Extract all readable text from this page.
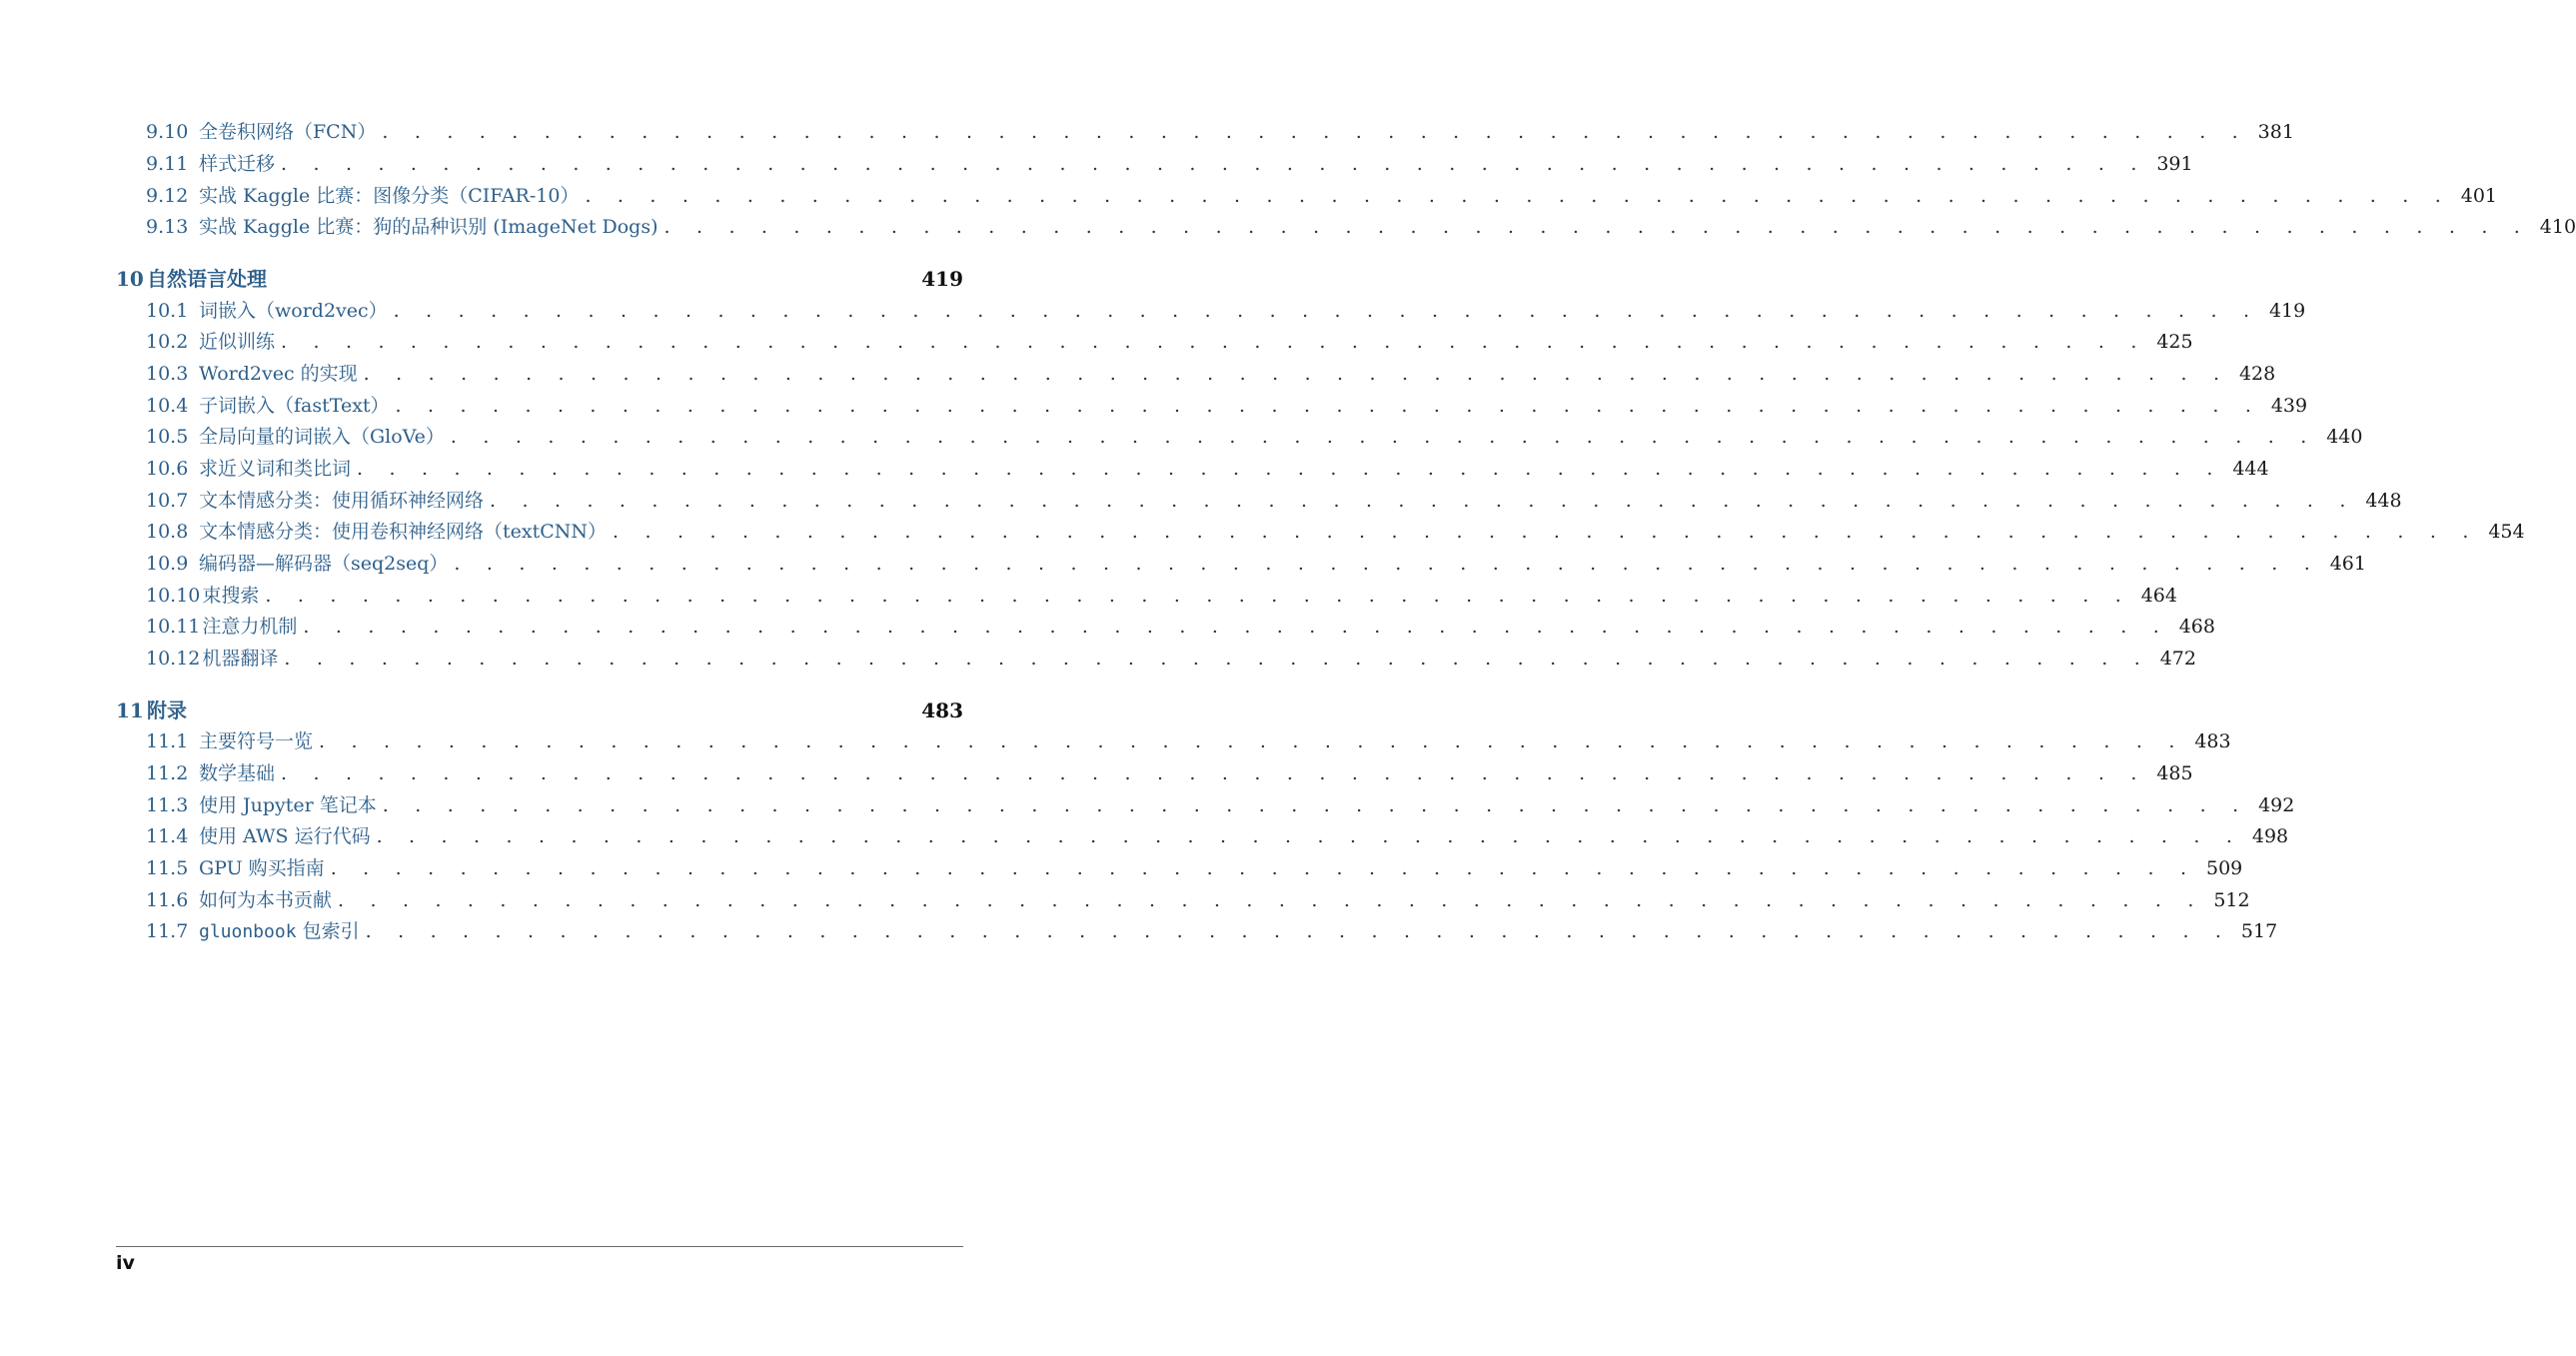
9.10 全卷积网络（FCN） . . . . . . . . . . . . . . . . . . . . . . . . . . . . . . . . . . . . . . . . . . . . . . . . . . . . . . . . . . 381
9.11 样式迁移 . . . . . . . . . . . . . . . . . . . . . . . . . . . . . . . . . . . . . . . . . . . . . . . . . . . . . . . . . . 391
9.12 实战 Kaggle 比赛：图像分类（CIFAR-10） . . . . . . . . . . . . . . . . . . . . . . . . . . . . . . . . . . . . . . . . . . . . . . . . . . . . . . . . . . 401
9.13 实战 Kaggle 比赛：狗的品种识别 (ImageNet Dogs) . . . . . . . . . . . . . . . . . . . . . . . . . . . . . . . . . . . . . . . . . . . . . . . . . . . . . . . . . . 410
10 自然语言处理	419
10.1 词嵌入（word2vec） . . . . . . . . . . . . . . . . . . . . . . . . . . . . . . . . . . . . . . . . . . . . . . . . . . . . . . . . . . 419
10.2 近似训练 . . . . . . . . . . . . . . . . . . . . . . . . . . . . . . . . . . . . . . . . . . . . . . . . . . . . . . . . . . 425
10.3 Word2vec 的实现 . . . . . . . . . . . . . . . . . . . . . . . . . . . . . . . . . . . . . . . . . . . . . . . . . . . . . . . . . . 428
10.4 子词嵌入（fastText） . . . . . . . . . . . . . . . . . . . . . . . . . . . . . . . . . . . . . . . . . . . . . . . . . . . . . . . . . . 439
10.5 全局向量的词嵌入（GloVe） . . . . . . . . . . . . . . . . . . . . . . . . . . . . . . . . . . . . . . . . . . . . . . . . . . . . . . . . . . 440
10.6 求近义词和类比词 . . . . . . . . . . . . . . . . . . . . . . . . . . . . . . . . . . . . . . . . . . . . . . . . . . . . . . . . . . 444
10.7 文本情感分类：使用循环神经网络 . . . . . . . . . . . . . . . . . . . . . . . . . . . . . . . . . . . . . . . . . . . . . . . . . . . . . . . . . . 448
10.8 文本情感分类：使用卷积神经网络（textCNN） . . . . . . . . . . . . . . . . . . . . . . . . . . . . . . . . . . . . . . . . . . . . . . . . . . . . . . . . . . 454
10.9 编码器—解码器（seq2seq） . . . . . . . . . . . . . . . . . . . . . . . . . . . . . . . . . . . . . . . . . . . . . . . . . . . . . . . . . . 461
10.10 束搜索 . . . . . . . . . . . . . . . . . . . . . . . . . . . . . . . . . . . . . . . . . . . . . . . . . . . . . . . . . . 464
10.11 注意力机制 . . . . . . . . . . . . . . . . . . . . . . . . . . . . . . . . . . . . . . . . . . . . . . . . . . . . . . . . . . 468
10.12 机器翻译 . . . . . . . . . . . . . . . . . . . . . . . . . . . . . . . . . . . . . . . . . . . . . . . . . . . . . . . . . . 472
11 附录	483
11.1 主要符号一览 . . . . . . . . . . . . . . . . . . . . . . . . . . . . . . . . . . . . . . . . . . . . . . . . . . . . . . . . . . 483
11.2 数学基础 . . . . . . . . . . . . . . . . . . . . . . . . . . . . . . . . . . . . . . . . . . . . . . . . . . . . . . . . . . 485
11.3 使用 Jupyter 笔记本 . . . . . . . . . . . . . . . . . . . . . . . . . . . . . . . . . . . . . . . . . . . . . . . . . . . . . . . . . . 492
11.4 使用 AWS 运行代码 . . . . . . . . . . . . . . . . . . . . . . . . . . . . . . . . . . . . . . . . . . . . . . . . . . . . . . . . . . 498
11.5 GPU 购买指南 . . . . . . . . . . . . . . . . . . . . . . . . . . . . . . . . . . . . . . . . . . . . . . . . . . . . . . . . . . 509
11.6 如何为本书贡献 . . . . . . . . . . . . . . . . . . . . . . . . . . . . . . . . . . . . . . . . . . . . . . . . . . . . . . . . . . 512
11.7 gluonbook 包索引 . . . . . . . . . . . . . . . . . . . . . . . . . . . . . . . . . . . . . . . . . . . . . . . . . . . . . . . . . . 517
iv
